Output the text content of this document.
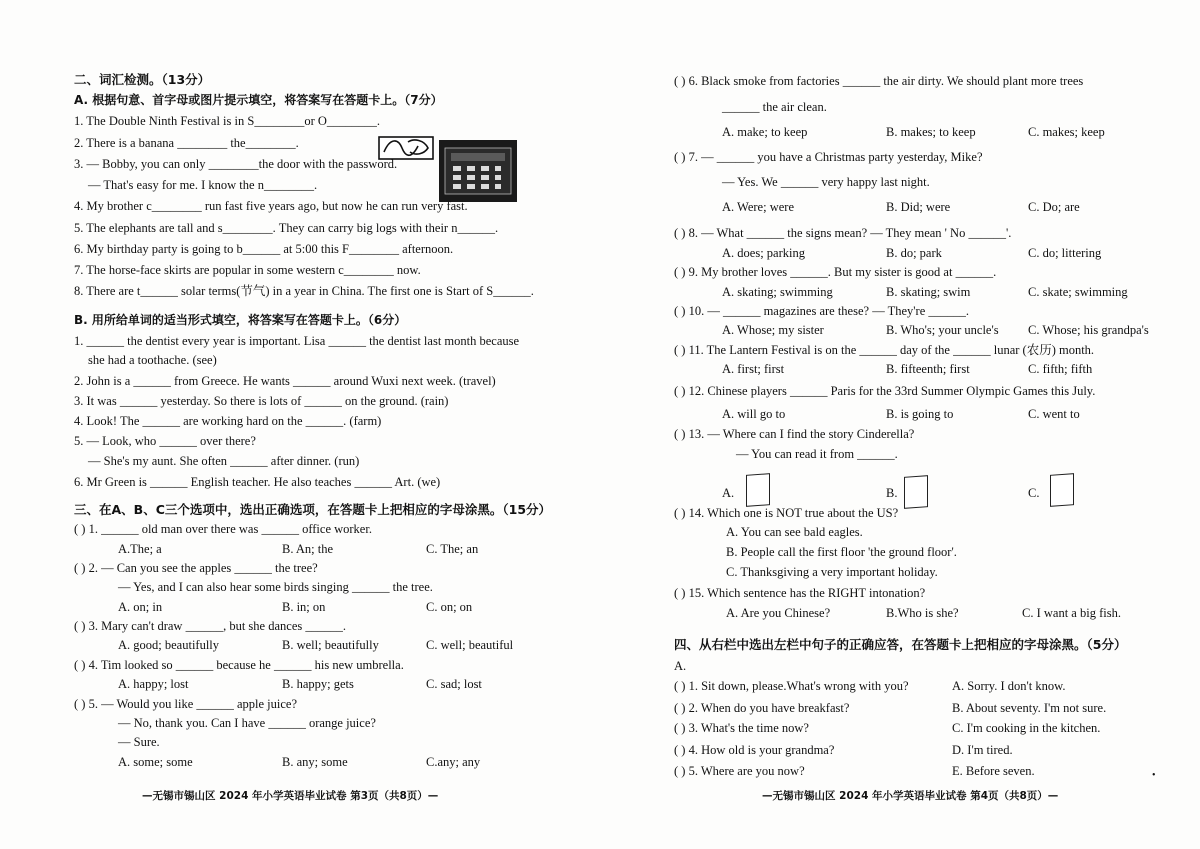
—无锡市锡山区 2024 年小学英语毕业试卷 第3页（共8页）—
二、词汇检测。（13分）
A. 根据句意、首字母或图片提示填空，将答案写在答题卡上。（7分）
1. The Double Ninth Festival is in S________or O________.
2. There is a banana ________ the________.
3. — Bobby, you can only ________the door with the password.
— That's easy for me. I know the n________.
4. My brother c________ run fast five years ago, but now he can run very fast.
5. The elephants are tall and s________. They can carry big logs with their n______.
6. My birthday party is going to b______ at 5:00 this F________ afternoon.
7. The horse-face skirts are popular in some western c________ now.
8. There are t______ solar terms(节气) in a year in China. The first one is Start of S______.
B. 用所给单词的适当形式填空，将答案写在答题卡上。（6分）
1. ______ the dentist every year is important. Lisa ______ the dentist last month because
she had a toothache. (see)
2. John is a ______ from Greece. He wants ______ around Wuxi next week. (travel)
3. It was ______ yesterday. So there is lots of ______ on the ground. (rain)
4. Look! The ______ are working hard on the ______. (farm)
5. — Look, who ______ over there?
— She's my aunt. She often ______ after dinner. (run)
6. Mr Green is ______ English teacher. He also teaches ______ Art. (we)
三、在A、B、C三个选项中，选出正确选项，在答题卡上把相应的字母涂黑。（15分）
( ) 1. ______ old man over there was ______ office worker.
A.The; a	B. An; the	C. The; an
( ) 2. — Can you see the apples ______ the tree?
— Yes, and I can also hear some birds singing ______ the tree.
A. on; in	B. in; on	C. on; on
( ) 3. Mary can't draw ______, but she dances ______.
A. good; beautifully	B. well; beautifully	C. well; beautiful
( ) 4. Tim looked so ______ because he ______ his new umbrella.
A. happy; lost	B. happy; gets	C. sad; lost
( ) 5. — Would you like ______ apple juice?
— No, thank you. Can I have ______ orange juice?
— Sure.
A. some; some	B. any; some	C.any; any
—无锡市锡山区 2024 年小学英语毕业试卷 第4页（共8页）—
•
( ) 6. Black smoke from factories ______ the air dirty. We should plant more trees
______ the air clean.
A. make; to keep	B. makes; to keep	C. makes; keep
( ) 7. — ______ you have a Christmas party yesterday, Mike?
— Yes. We ______ very happy last night.
A. Were; were	B. Did; were	C. Do; are
( ) 8. — What ______ the signs mean? — They mean ' No ______'.
A. does; parking	B. do; park	C. do; littering
( ) 9. My brother loves ______. But my sister is good at ______.
A. skating; swimming	B. skating; swim	C. skate; swimming
( ) 10. — ______ magazines are these? — They're ______.
A. Whose; my sister	B. Who's; your uncle's C. Whose; his grandpa's
( ) 11. The Lantern Festival is on the ______ day of the ______ lunar (农历) month.
A. first; first	B. fifteenth; first	C. fifth; fifth
( ) 12. Chinese players ______ Paris for the 33rd Summer Olympic Games this July.
A. will go to	B. is going to	C. went to
( ) 13. — Where can I find the story Cinderella?
— You can read it from ______.
A.	B.	C.
( ) 14. Which one is NOT true about the US?
A. You can see bald eagles.
B. People call the first floor 'the ground floor'.
C. Thanksgiving a very important holiday.
( ) 15. Which sentence has the RIGHT intonation?
A. Are you Chinese?	B.Who is she?	C. I want a big fish.
四、从右栏中选出左栏中句子的正确应答，在答题卡上把相应的字母涂黑。（5分）
A.
( ) 1. Sit down, please.What's wrong with you?	A. Sorry. I don't know.
( ) 2. When do you have breakfast?	B. About seventy. I'm not sure.
( ) 3. What's the time now?	C. I'm cooking in the kitchen.
( ) 4. How old is your grandma?	D. I'm tired.
( ) 5. Where are you now?	E. Before seven.
